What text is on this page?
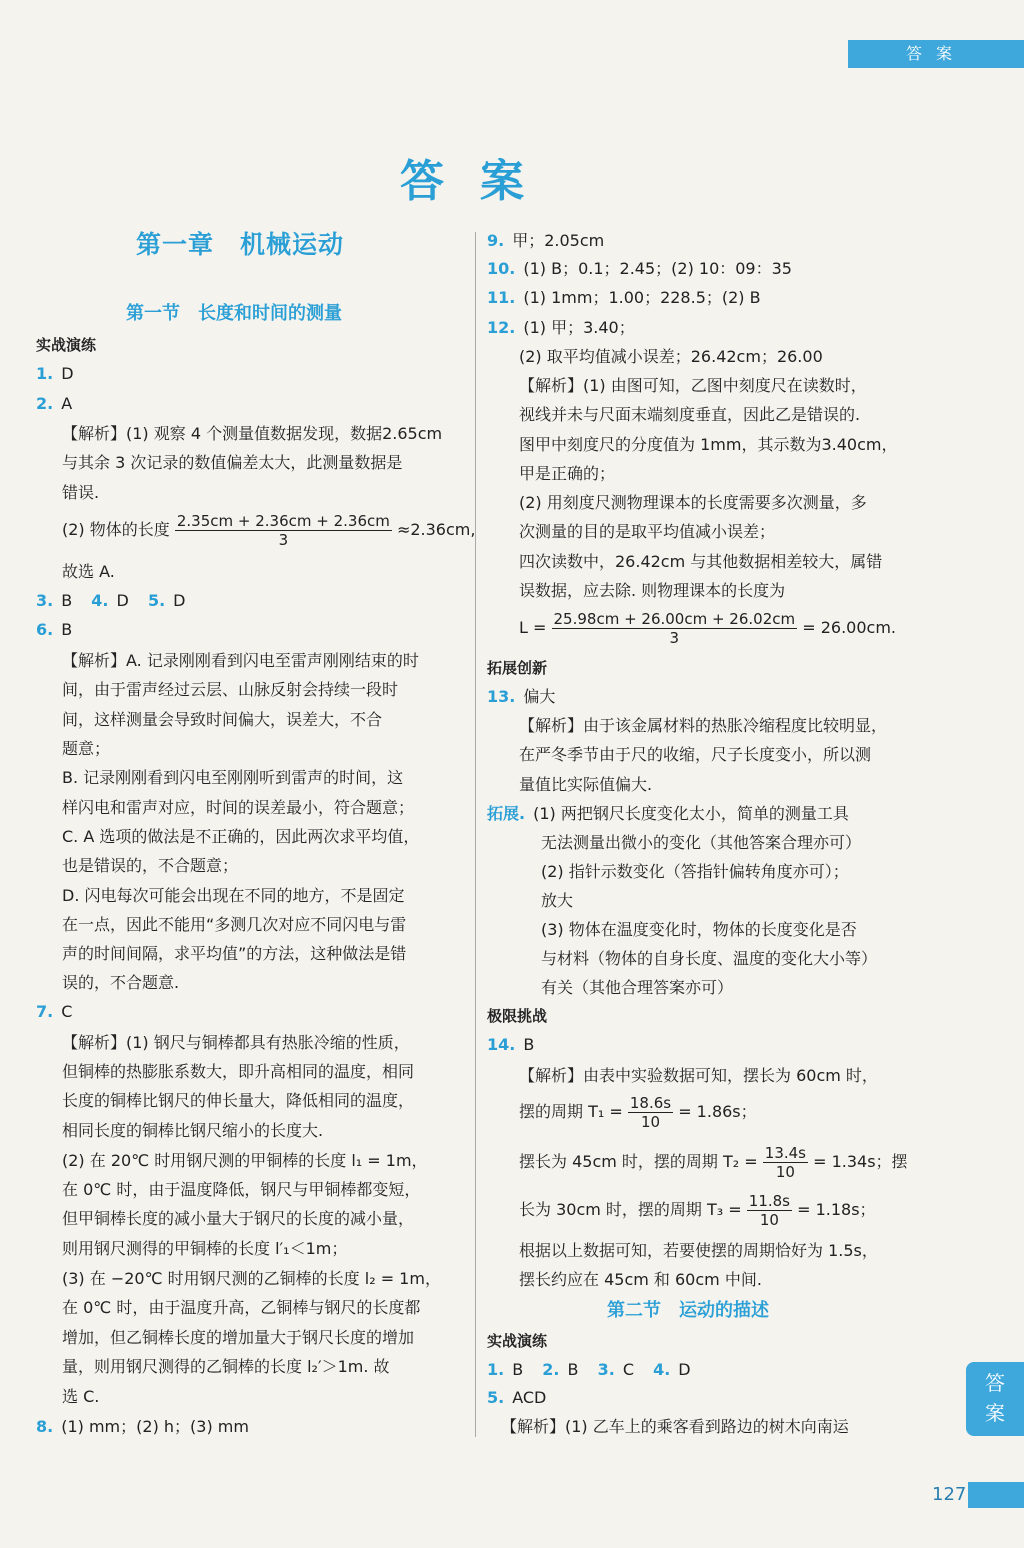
答案
答案
第一章　机械运动
第一节　长度和时间的测量
实战演练
1. D
2. A
【解析】(1) 观察 4 个测量值数据发现，数据2.65cm
与其余 3 次记录的数值偏差太大，此测量数据是
错误.
(2) 物体的长度 $\frac{2.35cm + 2.36cm + 2.36cm}{3} \approx 2.36cm$,
故选 A.
3. B 4. D 5. D
6. B
【解析】A. 记录刚刚看到闪电至雷声刚刚结束的时
间，由于雷声经过云层、山脉反射会持续一段时
间，这样测量会导致时间偏大，误差大，不合
题意；
B. 记录刚刚看到闪电至刚刚听到雷声的时间，这
样闪电和雷声对应，时间的误差最小，符合题意；
C. A 选项的做法是不正确的，因此两次求平均值，
也是错误的，不合题意；
D. 闪电每次可能会出现在不同的地方，不是固定
在一点，因此不能用“多测几次对应不同闪电与雷
声的时间间隔，求平均值”的方法，这种做法是错
误的，不合题意.
7. C
【解析】(1) 钢尺与铜棒都具有热胀冷缩的性质，
但铜棒的热膨胀系数大，即升高相同的温度，相同
长度的铜棒比钢尺的伸长量大，降低相同的温度，
相同长度的铜棒比钢尺缩小的长度大.
(2) 在 20℃ 时用钢尺测的甲铜棒的长度 l₁ = 1m，
在 0℃ 时，由于温度降低，钢尺与甲铜棒都变短，
但甲铜棒长度的减小量大于钢尺的长度的减小量，
则用钢尺测得的甲铜棒的长度 l′₁＜1m；
(3) 在 −20℃ 时用钢尺测的乙铜棒的长度 l₂ = 1m，
在 0℃ 时，由于温度升高，乙铜棒与钢尺的长度都
增加，但乙铜棒长度的增加量大于钢尺长度的增加
量，则用钢尺测得的乙铜棒的长度 l₂′＞1m. 故
选 C.
8. (1) mm；(2) h；(3) mm
9. 甲；2.05cm
10. (1) B；0.1；2.45；(2) 10：09：35
11. (1) 1mm；1.00；228.5；(2) B
12. (1) 甲；3.40；
(2) 取平均值减小误差；26.42cm；26.00
【解析】(1) 由图可知，乙图中刻度尺在读数时，
视线并未与尺面末端刻度垂直，因此乙是错误的.
图甲中刻度尺的分度值为 1mm，其示数为3.40cm，
甲是正确的；
(2) 用刻度尺测物理课本的长度需要多次测量，多
次测量的目的是取平均值减小误差；
四次读数中，26.42cm 与其他数据相差较大，属错
误数据，应去除. 则物理课本的长度为
$L = \frac{25.98cm + 26.00cm + 26.02cm}{3} = 26.00cm$.
拓展创新
13. 偏大
【解析】由于该金属材料的热胀冷缩程度比较明显，
在严冬季节由于尺的收缩，尺子长度变小，所以测
量值比实际值偏大.
拓展. (1) 两把钢尺长度变化太小，简单的测量工具
无法测量出微小的变化（其他答案合理亦可）
(2) 指针示数变化（答指针偏转角度亦可）；
放大
(3) 物体在温度变化时，物体的长度变化是否
与材料（物体的自身长度、温度的变化大小等）
有关（其他合理答案亦可）
极限挑战
14. B
【解析】由表中实验数据可知，摆长为 60cm 时，
摆的周期 $T_1 = \frac{18.6s}{10} = 1.86s$；
摆长为 45cm 时，摆的周期 $T_2 = \frac{13.4s}{10} = 1.34s$；摆
长为 30cm 时，摆的周期 $T_3 = \frac{11.8s}{10} = 1.18s$；
根据以上数据可知，若要使摆的周期恰好为 1.5s，
摆长约应在 45cm 和 60cm 中间.
第二节　运动的描述
实战演练
1. B 2. B 3. C 4. D
5. ACD
【解析】(1) 乙车上的乘客看到路边的树木向南运
答
案
127
